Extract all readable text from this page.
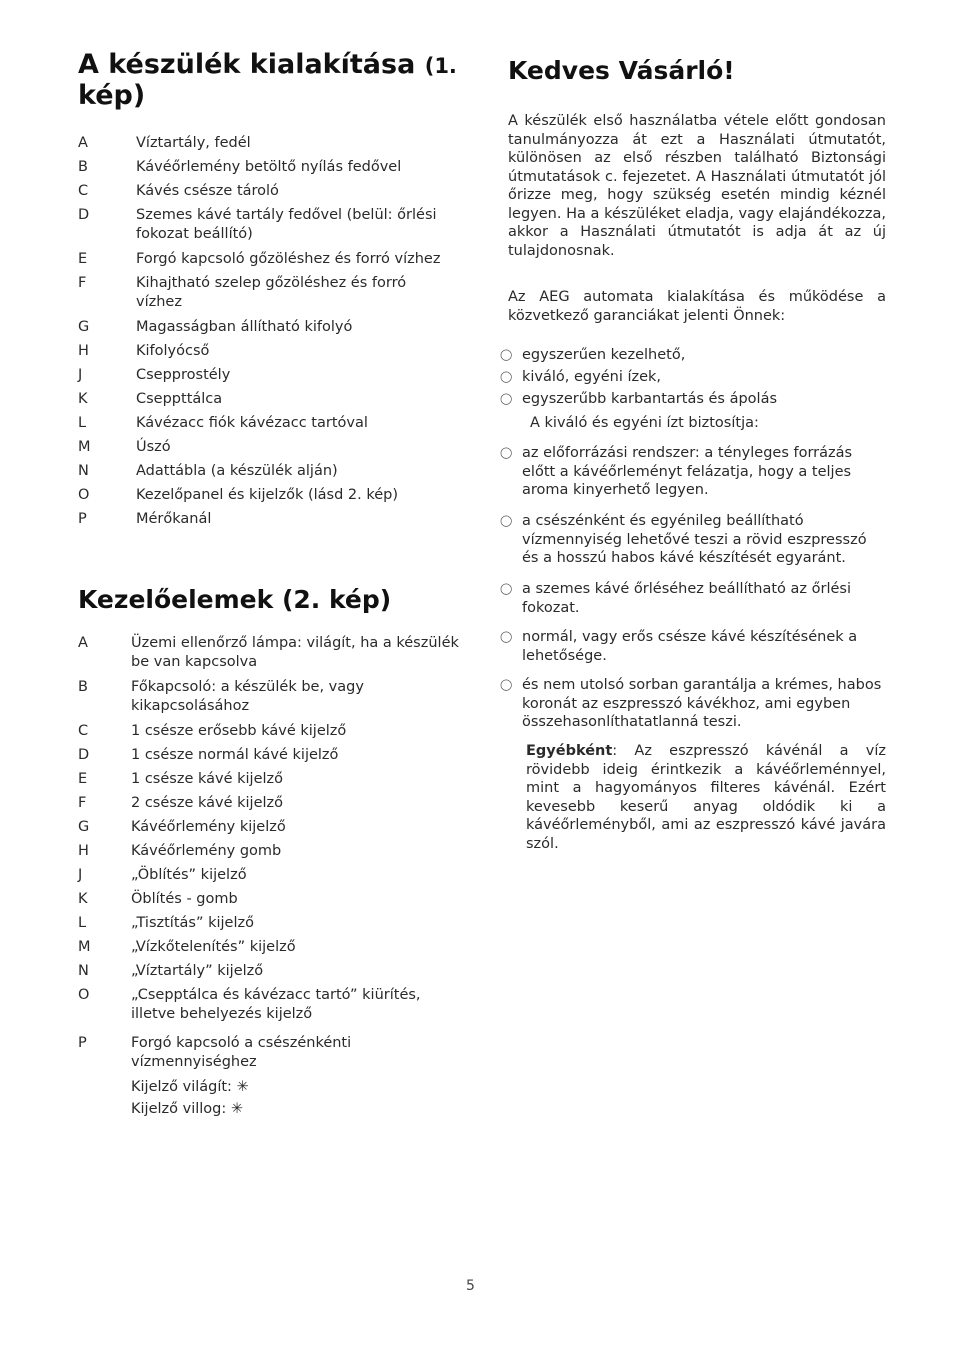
A készülék kialakítása (1.
kép)
A	Víztartály, fedél
B	Kávéőrlemény betöltő nyílás fedővel
C	Kávés csésze tároló
D	Szemes kávé tartály fedővel (belül: őrlési fokozat beállító)
E	Forgó kapcsoló gőzöléshez és forró vízhez
F	Kihajtható szelep gőzöléshez és forró vízhez
G	Magasságban állítható kifolyó
H	Kifolyócső
J	Csepprostély
K	Cseppttálca
L	Kávézacc fiók kávézacc tartóval
M	Úszó
N	Adattábla (a készülék alján)
O	Kezelőpanel és kijelzők (lásd 2. kép)
P	Mérőkanál
Kezelőelemek (2. kép)
A	Üzemi ellenőrző lámpa: világít, ha a készülék be van kapcsolva
B	Főkapcsoló: a készülék be, vagy kikapcsolásához
C	1 csésze erősebb kávé kijelző
D	1 csésze normál kávé kijelző
E	1 csésze kávé kijelző
F	2 csésze kávé kijelző
G	Kávéőrlemény kijelző
H	Kávéőrlemény gomb
J	„Öblítés” kijelző
K	Öblítés - gomb
L	„Tisztítás” kijelző
M	„Vízkőtelenítés” kijelző
N	„Víztartály” kijelző
O	„Csepptálca és kávézacc tartó” kiürítés, illetve behelyezés kijelző
P	Forgó kapcsoló a csészénkénti vízmennyiséghez
Kijelző világít: ✳
Kijelző villog: ✳
Kedves Vásárló!
A készülék első használatba vétele előtt gondosan tanulmányozza át ezt a Használati útmutatót, különösen az első részben található Biztonsági útmutatások c. fejezetet. A Használati útmutatót jól őrizze meg, hogy szükség esetén mindig kéznél legyen. Ha a készüléket eladja, vagy elajándékozza, akkor a Használati útmutatót is adja át az új tulajdonosnak.
Az AEG automata kialakítása és működése a közvetkező garanciákat jelenti Önnek:
◯ egyszerűen kezelhető,
◯ kiváló, egyéni ízek,
◯ egyszerűbb karbantartás és ápolás
A kiváló és egyéni ízt biztosítja:
◯ az előforrázási rendszer: a tényleges forrázás előtt a kávéőrleményt felázatja, hogy a teljes aroma kinyerhető legyen.
◯ a csészénként és egyénileg beállítható vízmennyiség lehetővé teszi a rövid eszpresszó és a hosszú habos kávé készítését egyaránt.
◯ a szemes kávé őrléséhez beállítható az őrlési fokozat.
◯ normál, vagy erős csésze kávé készítésének a lehetősége.
◯ és nem utolsó sorban garantálja a krémes, habos koronát az eszpresszó kávékhoz, ami egyben összehasonlíthatatlanná teszi.
Egyébként: Az eszpresszó kávénál a víz rövidebb ideig érintkezik a kávéőrleménnyel, mint a hagyományos filteres kávénál. Ezért kevesebb keserű anyag oldódik ki a kávéőrleményből, ami az eszpresszó kávé javára szól.
5
